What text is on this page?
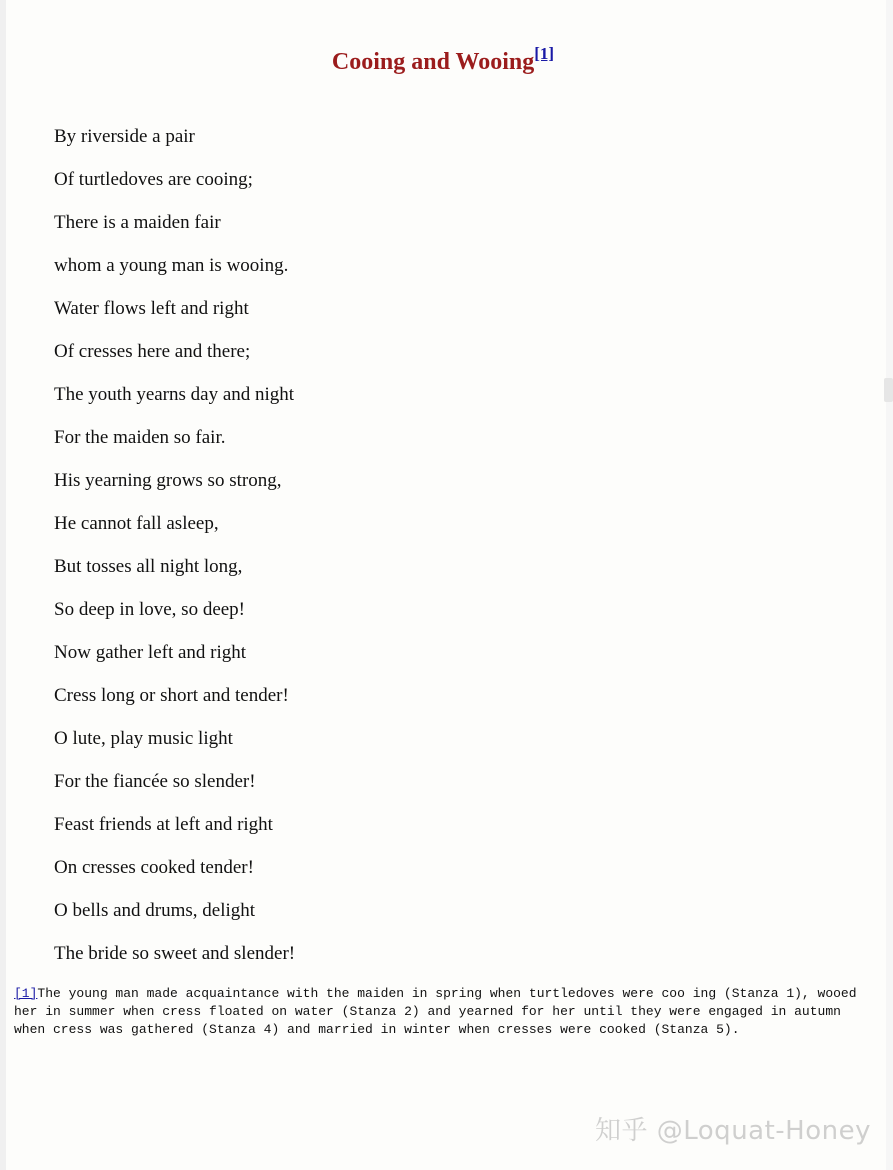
Cooing and Wooing[1]
By riverside a pair
Of turtledoves are cooing;
There is a maiden fair
whom a young man is wooing.
Water flows left and right
Of cresses here and there;
The youth yearns day and night
For the maiden so fair.
His yearning grows so strong,
He cannot fall asleep,
But tosses all night long,
So deep in love, so deep!
Now gather left and right
Cress long or short and tender!
O lute, play music light
For the fiancée so slender!
Feast friends at left and right
On cresses cooked tender!
O bells and drums, delight
The bride so sweet and slender!

[1]The young man made acquaintance with the maiden in spring when turtledoves were coo ing (Stanza 1), wooed her in summer when cress floated on water (Stanza 2) and yearned for her until they were engaged in autumn when cress was gathered (Stanza 4) and married in winter when cresses were cooked (Stanza 5).

知乎 @Loquat-Honey
